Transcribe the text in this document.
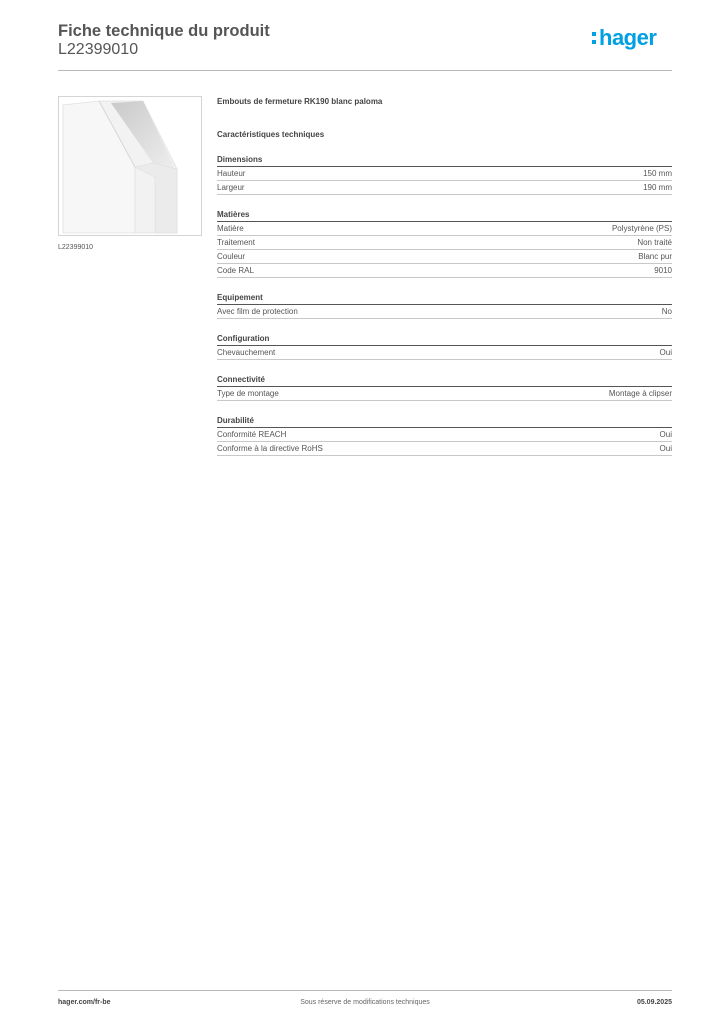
Fiche technique du produit
L22399010	hager
L22399010
Embouts de fermeture RK190 blanc paloma
Caractéristiques techniques
Dimensions
Hauteur	150 mm
Largeur	190 mm
Matières
Matière	Polystyrène (PS)
Traitement	Non traité
Couleur	Blanc pur
Code RAL	9010
Equipement
Avec film de protection	No
Configuration
Chevauchement	Oui
Connectivité
Type de montage	Montage à clipser
Durabilité
Conformité REACH	Oui
Conforme à la directive RoHS	Oui
hager.com/fr-be	Sous réserve de modifications techniques	05.09.2025
